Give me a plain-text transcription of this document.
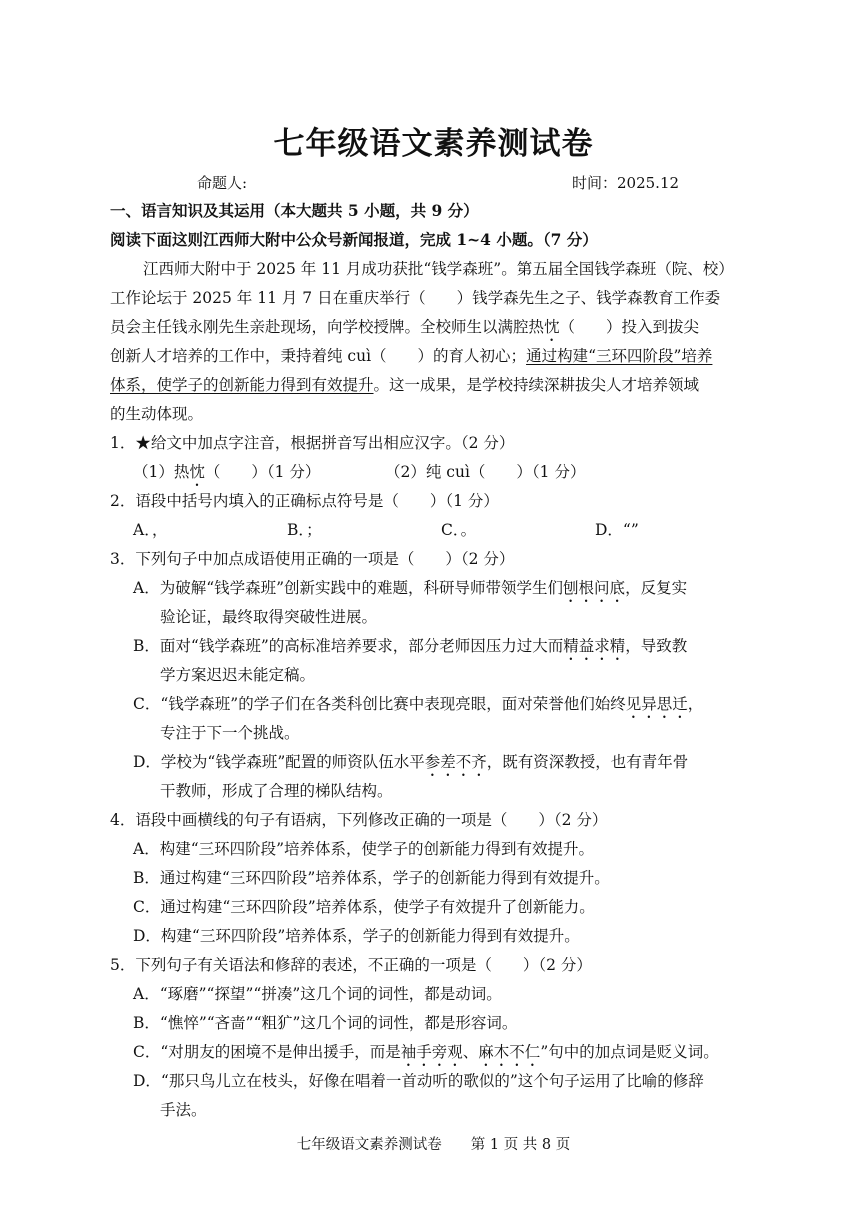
七年级语文素养测试卷
命题人:	时间：2025.12
一、语言知识及其运用（本大题共 5 小题，共 9 分）
阅读下面这则江西师大附中公众号新闻报道，完成 1~4 小题。（7 分）
江西师大附中于 2025 年 11 月成功获批“钱学森班”。第五届全国钱学森班（院、校）
工作论坛于 2025 年 11 月 7 日在重庆举行（　　）钱学森先生之子、钱学森教育工作委
员会主任钱永刚先生亲赴现场，向学校授牌。全校师生以满腔热忱（　　）投入到拔尖
创新人才培养的工作中，秉持着纯 cuì（　　）的育人初心；通过构建“三环四阶段”培养
体系，使学子的创新能力得到有效提升。这一成果，是学校持续深耕拔尖人才培养领域
的生动体现。
1．★给文中加点字注音，根据拼音写出相应汉字。（2 分）
（1）热忱（　　）（1 分）	（2）纯 cuì（　　）（1 分）
2．语段中括号内填入的正确标点符号是（　　）（1 分）
A．，	B．；	C．。	D．“”
3．下列句子中加点成语使用正确的一项是（　　）（2 分）
A．为破解“钱学森班”创新实践中的难题，科研导师带领学生们刨根问底，反复实
验论证，最终取得突破性进展。
B．面对“钱学森班”的高标准培养要求，部分老师因压力过大而精益求精，导致教
学方案迟迟未能定稿。
C．“钱学森班”的学子们在各类科创比赛中表现亮眼，面对荣誉他们始终见异思迁，
专注于下一个挑战。
D．学校为“钱学森班”配置的师资队伍水平参差不齐，既有资深教授，也有青年骨
干教师，形成了合理的梯队结构。
4．语段中画横线的句子有语病，下列修改正确的一项是（　　）（2 分）
A．构建“三环四阶段”培养体系，使学子的创新能力得到有效提升。
B．通过构建“三环四阶段”培养体系，学子的创新能力得到有效提升。
C．通过构建“三环四阶段”培养体系，使学子有效提升了创新能力。
D．构建“三环四阶段”培养体系，学子的创新能力得到有效提升。
5．下列句子有关语法和修辞的表述，不正确的一项是（　　）（2 分）
A．“琢磨”“探望”“拼凑”这几个词的词性，都是动词。
B．“憔悴”“吝啬”“粗犷”这几个词的词性，都是形容词。
C．“对朋友的困境不是伸出援手，而是袖手旁观、麻木不仁”句中的加点词是贬义词。
D．“那只鸟儿立在枝头，好像在唱着一首动听的歌似的”这个句子运用了比喻的修辞
手法。
七年级语文素养测试卷　　第 1 页 共 8 页
